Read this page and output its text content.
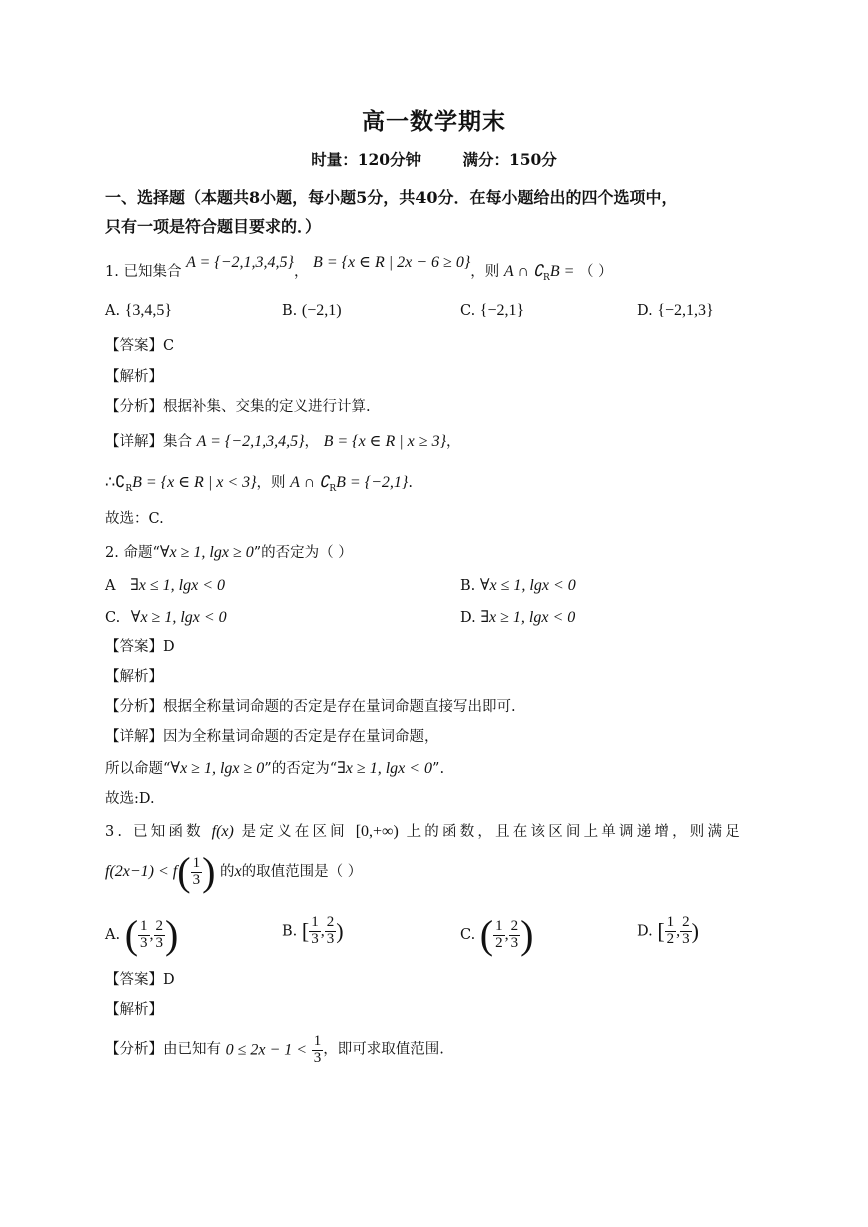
高一数学期末
时量：120分钟	满分：150分
一、选择题（本题共8小题，每小题5分，共40分．在每小题给出的四个选项中，
只有一项是符合题目要求的．）
1. 已知集合 A = {−2,1,3,4,5}， B = {x ∈ R | 2x − 6 ≥ 0}，则 A ∩ $∁_RB$ = （ ）
A. {3,4,5}	B. (−2,1)	C. {−2,1}	D. {−2,1,3}
【答案】C
【解析】
【分析】根据补集、交集的定义进行计算.
【详解】集合 A = {−2,1,3,4,5}， B = {x ∈ R | x ≥ 3}，
$\therefore∁_RB = \{x$ ∈ R | x < 3}，则 A ∩ $∁_RB = \{-2,1\}$.
故选：C.
2. 命题“∀x ≥ 1, lgx ≥ 0”的否定为（ ）
A ∃x ≤ 1, lgx < 0	B. ∀x ≤ 1, lgx < 0
C. ∀x ≥ 1, lgx < 0	D. ∃x ≥ 1, lgx < 0
【答案】D
【解析】
【分析】根据全称量词命题的否定是存在量词命题直接写出即可.
【详解】因为全称量词命题的否定是存在量词命题，
所以命题“∀x ≥ 1, lgx ≥ 0”的否定为“∃x ≥ 1, lgx < 0”.
故选:D.
3. 已知函数 f(x) 是定义在区间 [0,+∞) 上的函数，且在该区间上单调递增，则满足
$f(2x-1) < f( \frac{1}{3}$ ) 的x的取值范围是（ ）
A. ( $\frac{1}{3}$ , $\frac{2}{3}$ )	B. [ $\frac{1}{3}$ , $\frac{2}{3}$ )	C. ( $\frac{1}{2}$ , $\frac{2}{3}$ )	D. [ $\frac{1}{2}$ , $\frac{2}{3}$ )
【答案】D
【解析】
【分析】由已知有 $0 \le 2x - 1 < \frac{1}{3}$ ，即可求取值范围.
